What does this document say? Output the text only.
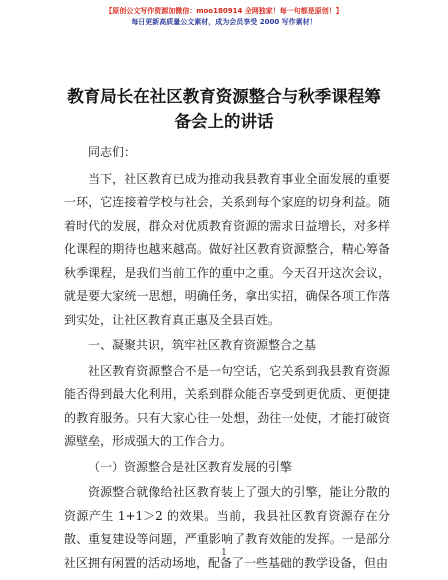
【原创公文写作资源加微信：moo180914 全网独家！每一句都是原创！】
每日更新高质量公文素材，成为会员享受 2000 写作素材！
教育局长在社区教育资源整合与秋季课程筹备会上的讲话

同志们：

当下，社区教育已成为推动我县教育事业全面发展的重要一环，它连接着学校与社会，关系到每个家庭的切身利益。随着时代的发展，群众对优质教育资源的需求日益增长，对多样化课程的期待也越来越高。做好社区教育资源整合，精心筹备秋季课程，是我们当前工作的重中之重。今天召开这次会议，就是要大家统一思想，明确任务，拿出实招，确保各项工作落到实处，让社区教育真正惠及全县百姓。

一、凝聚共识，筑牢社区教育资源整合之基

社区教育资源整合不是一句空话，它关系到我县教育资源能否得到最大化利用，关系到群众能否享受到更优质、更便捷的教育服务。只有大家心往一处想，劲往一处使，才能打破资源壁垒，形成强大的工作合力。

（一）资源整合是社区教育发展的引擎

资源整合就像给社区教育装上了强大的引擎，能让分散的资源产生 1+1＞2 的效果。当前，我县社区教育资源存在分散、重复建设等问题，严重影响了教育效能的发挥。一是部分社区拥有闲置的活动场地，配备了一些基础的教学设备，但由

1
